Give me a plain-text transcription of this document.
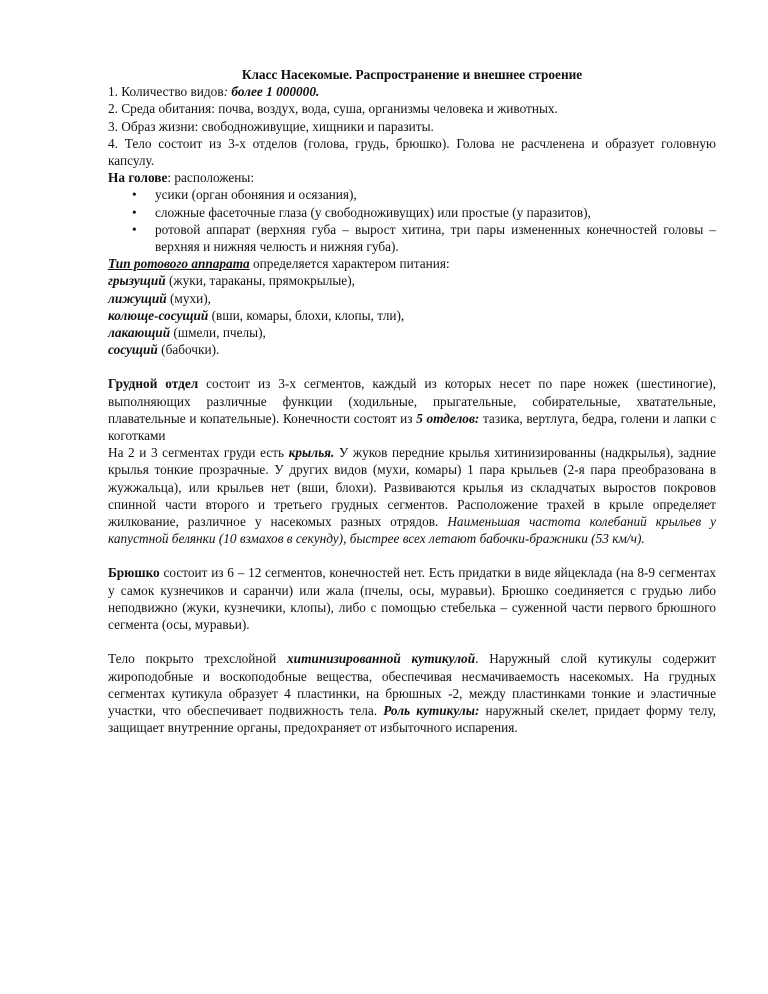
Класс Насекомые. Распространение и внешнее строение

1. Количество видов: более 1 000000.

2. Среда обитания: почва, воздух, вода, суша, организмы человека и животных.

3. Образ жизни: свободноживущие, хищники и паразиты.

4. Тело состоит из 3-х отделов (голова, грудь, брюшко). Голова не расчленена и образует головную капсулу.

На голове: расположены:

• усики (орган обоняния и осязания),
• сложные фасеточные глаза (у свободноживущих) или простые (у паразитов),
• ротовой аппарат (верхняя губа – вырост хитина, три пары измененных конечностей головы – верхняя и нижняя челюсть и нижняя губа).

Тип ротового аппарата определяется характером питания:

грызущий (жуки, тараканы, прямокрылые),

лижущий (мухи),

колюще-сосущий (вши, комары, блохи, клопы, тли),

лакающий (шмели, пчелы),

сосущий (бабочки).

Грудной отдел состоит из 3-х сегментов, каждый из которых несет по паре ножек (шестиногие), выполняющих различные функции (ходильные, прыгательные, собирательные, хватательные, плавательные и копательные). Конечности состоят из 5 отделов: тазика, вертлуга, бедра, голени и лапки с коготками

На 2 и 3 сегментах груди есть крылья. У жуков передние крылья хитинизированны (надкрылья), задние крылья тонкие прозрачные. У других видов (мухи, комары) 1 пара крыльев (2-я пара преобразована в жужжальца), или крыльев нет (вши, блохи). Развиваются крылья из складчатых выростов покровов спинной части второго и третьего грудных сегментов. Расположение трахей в крыле определяет жилкование, различное у насекомых разных отрядов. Наименьшая частота колебаний крыльев у капустной белянки (10 взмахов в секунду), быстрее всех летают бабочки-бражники (53 км/ч).

Брюшко состоит из 6 – 12 сегментов, конечностей нет. Есть придатки в виде яйцеклада (на 8-9 сегментах у самок кузнечиков и саранчи) или жала (пчелы, осы, муравьи). Брюшко соединяется с грудью либо неподвижно (жуки, кузнечики, клопы), либо с помощью стебелька – суженной части первого брюшного сегмента (осы, муравьи).

Тело покрыто трехслойной хитинизированной кутикулой. Наружный слой кутикулы содержит жироподобные и воскоподобные вещества, обеспечивая несмачиваемость насекомых. На грудных сегментах кутикула образует 4 пластинки, на брюшных -2, между пластинками тонкие и эластичные участки, что обеспечивает подвижность тела. Роль кутикулы: наружный скелет, придает форму телу, защищает внутренние органы, предохраняет от избыточного испарения.
